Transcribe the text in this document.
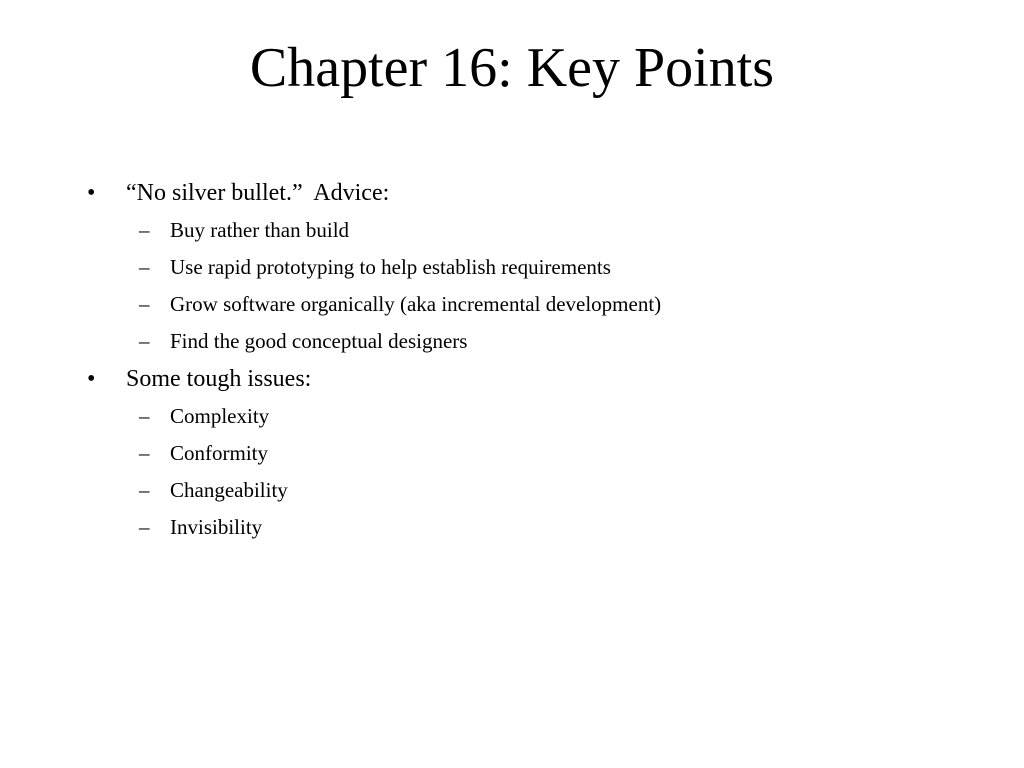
Chapter 16: Key Points
• “No silver bullet.”  Advice:
– Buy rather than build
– Use rapid prototyping to help establish requirements
– Grow software organically (aka incremental development)
– Find the good conceptual designers
• Some tough issues:
– Complexity
– Conformity
– Changeability
– Invisibility
